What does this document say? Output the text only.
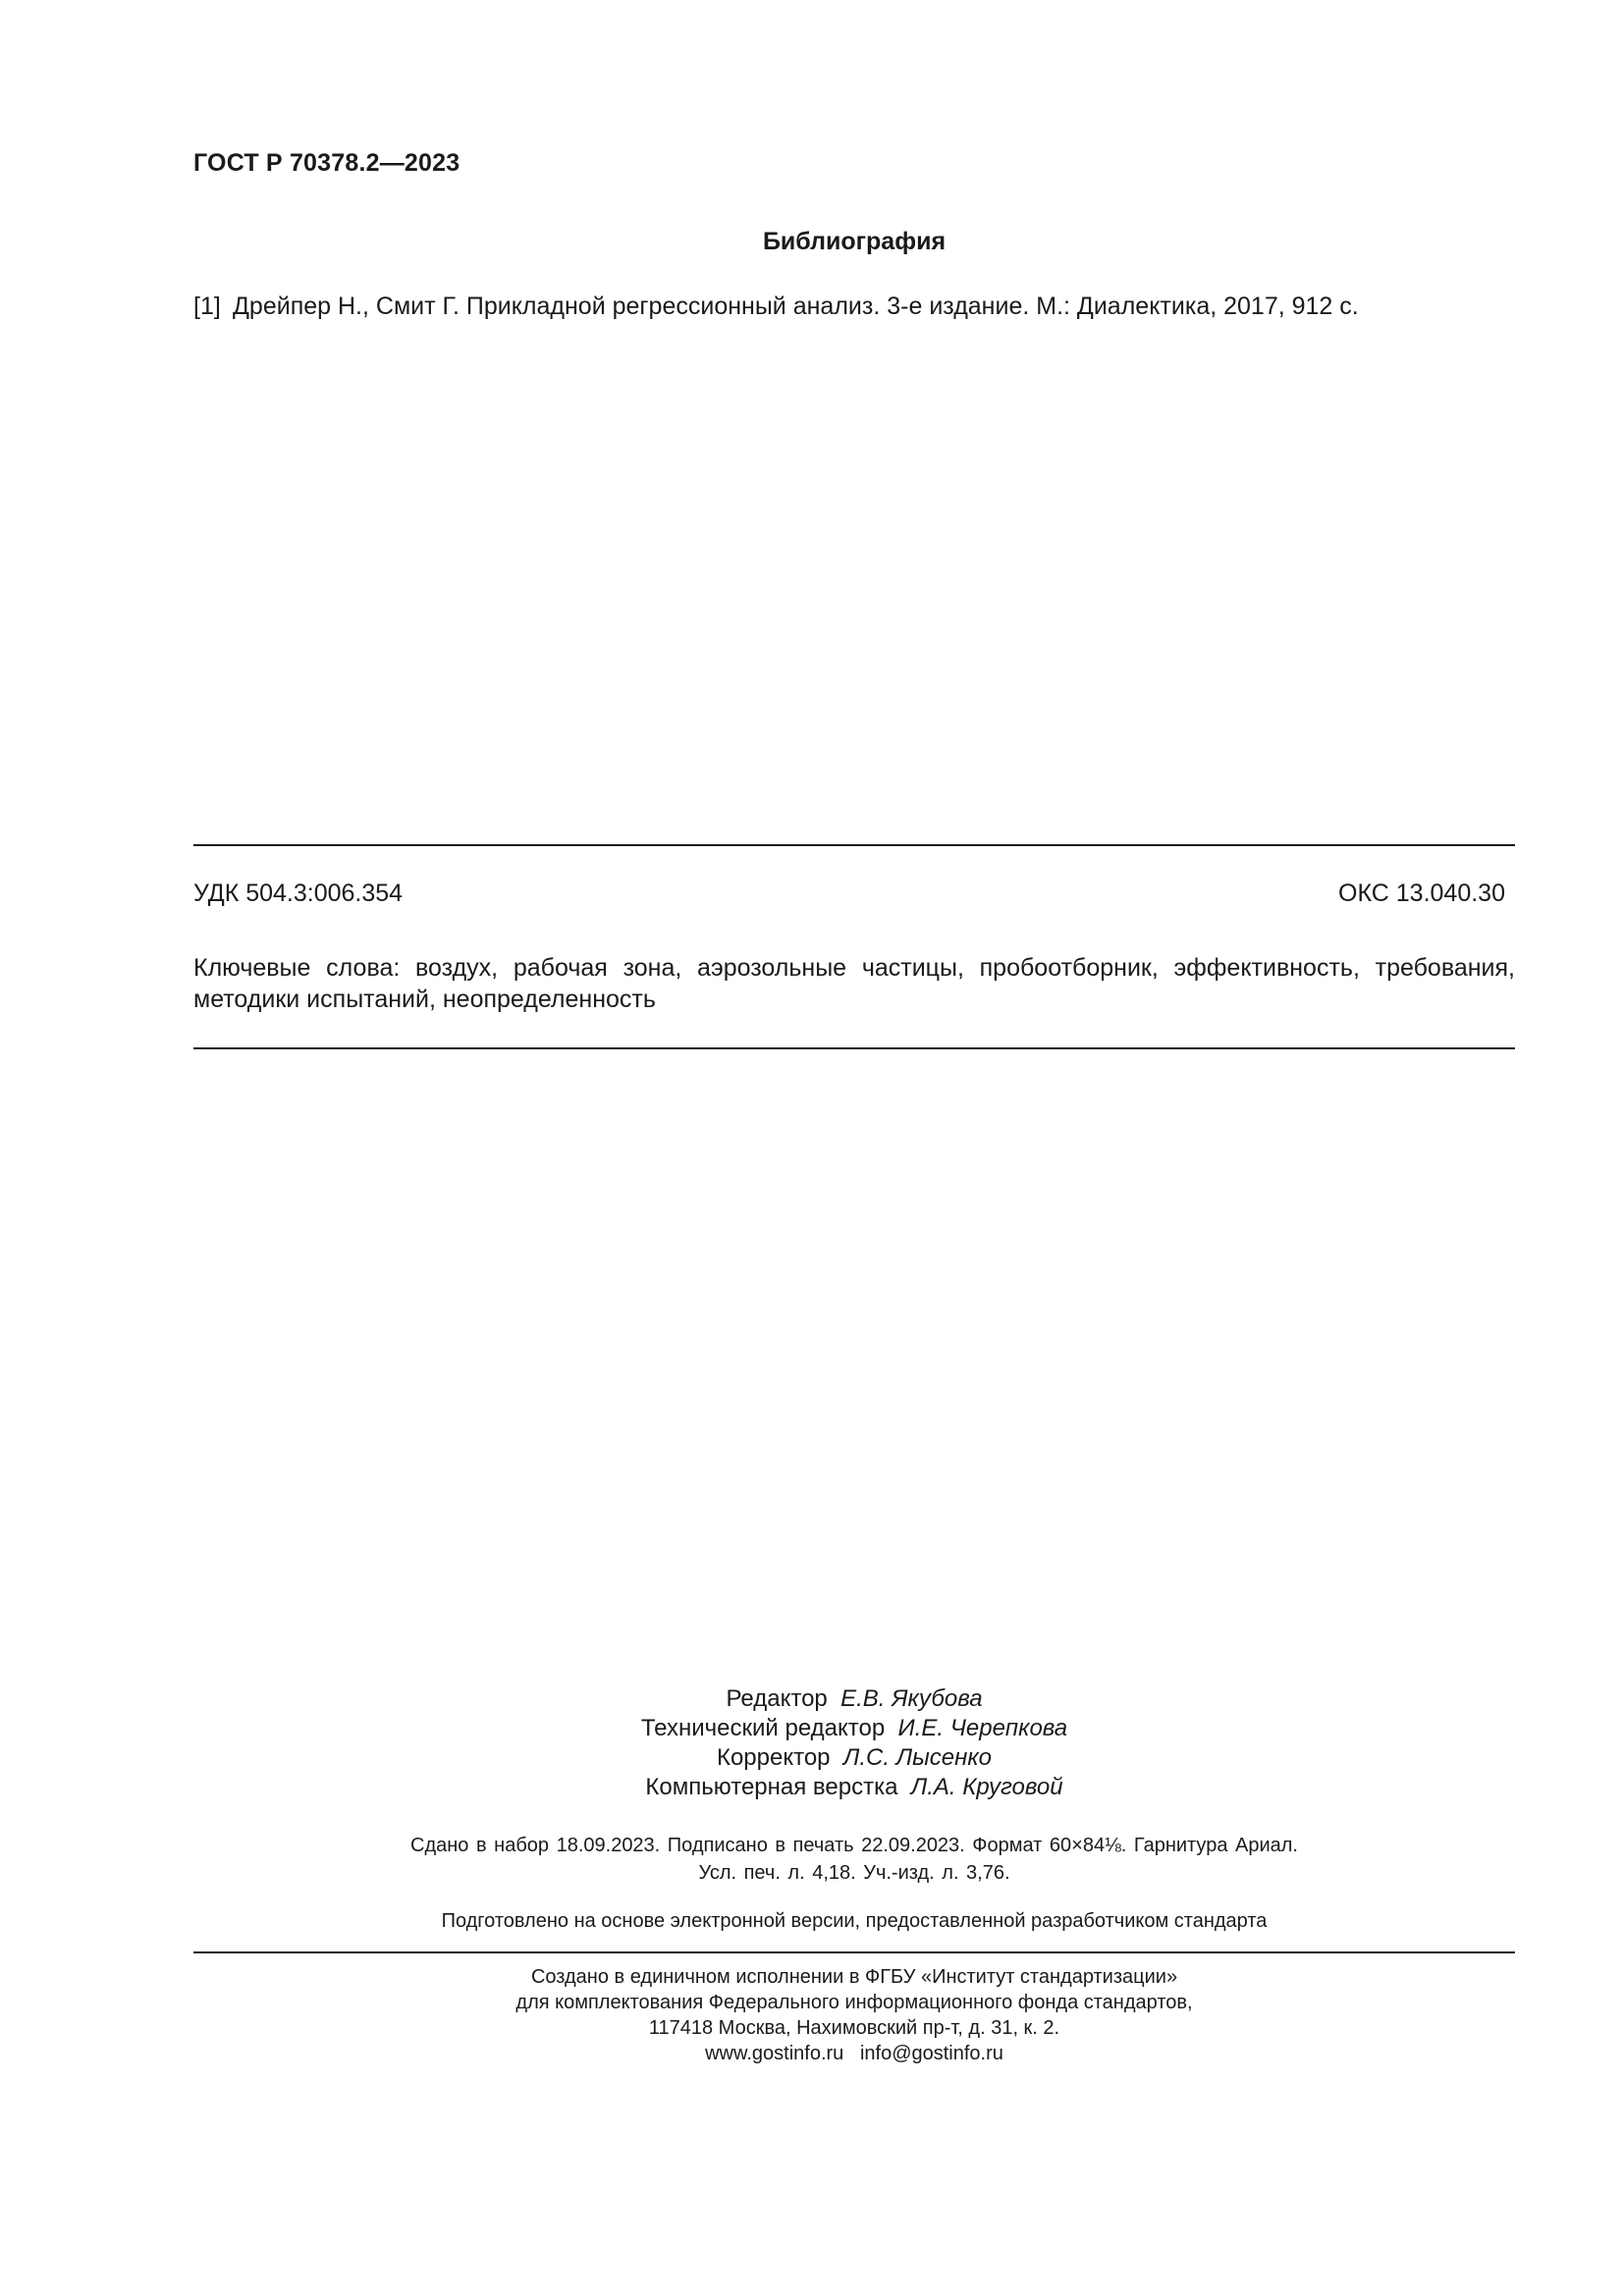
ГОСТ Р 70378.2—2023
Библиография
[1] Дрейпер Н., Смит Г. Прикладной регрессионный анализ. 3-е издание. М.: Диалектика, 2017, 912 с.
УДК 504.3:006.354	ОКС 13.040.30
Ключевые слова: воздух, рабочая зона, аэрозольные частицы, пробоотборник, эффективность, требования, методики испытаний, неопределенность
Редактор Е.В. Якубова
Технический редактор И.Е. Черепкова
Корректор Л.С. Лысенко
Компьютерная верстка Л.А. Круговой
Сдано в набор 18.09.2023. Подписано в печать 22.09.2023. Формат 60×84⅛. Гарнитура Ариал.
Усл. печ. л. 4,18. Уч.-изд. л. 3,76.
Подготовлено на основе электронной версии, предоставленной разработчиком стандарта
Создано в единичном исполнении в ФГБУ «Институт стандартизации»
для комплектования Федерального информационного фонда стандартов,
117418 Москва, Нахимовский пр-т, д. 31, к. 2.
www.gostinfo.ru info@gostinfo.ru
